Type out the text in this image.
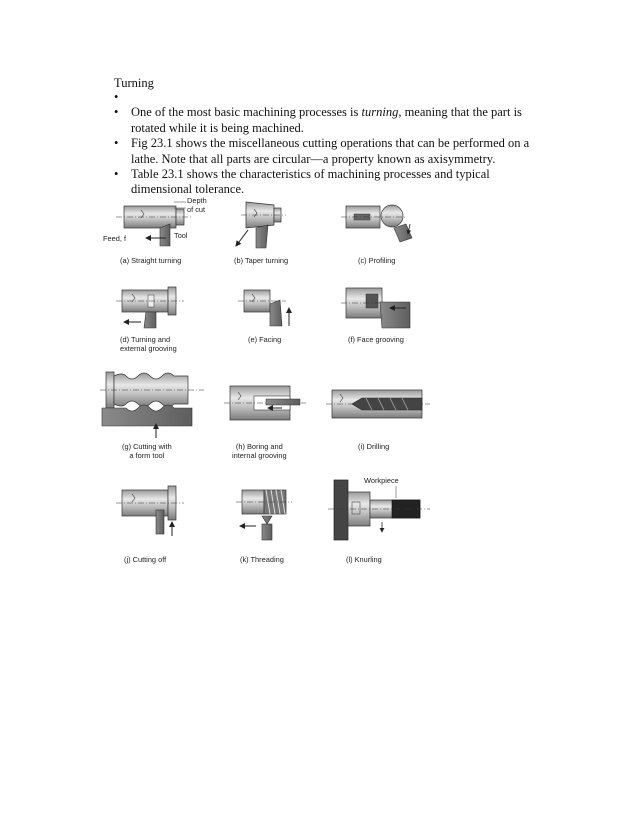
Turning
•

• One of the most basic machining processes is turning, meaning that the part is rotated while it is being machined.
• Fig 23.1 shows the miscellaneous cutting operations that can be performed on a lathe. Note that all parts are circular—a property known as axisymmetry.
• Table 23.1 shows the characteristics of machining processes and typical dimensional tolerance.
Depth
of cut
Tool
Feed, f
Workpiece
(a) Straight turning	(b) Taper turning	(c) Profiling
(d) Turning and
external grooving
(e) Facing	(f) Face grooving
(g) Cutting with
a form tool
(h) Boring and
internal grooving
(i) Drilling
(j) Cutting off	(k) Threading	(l) Knurling
